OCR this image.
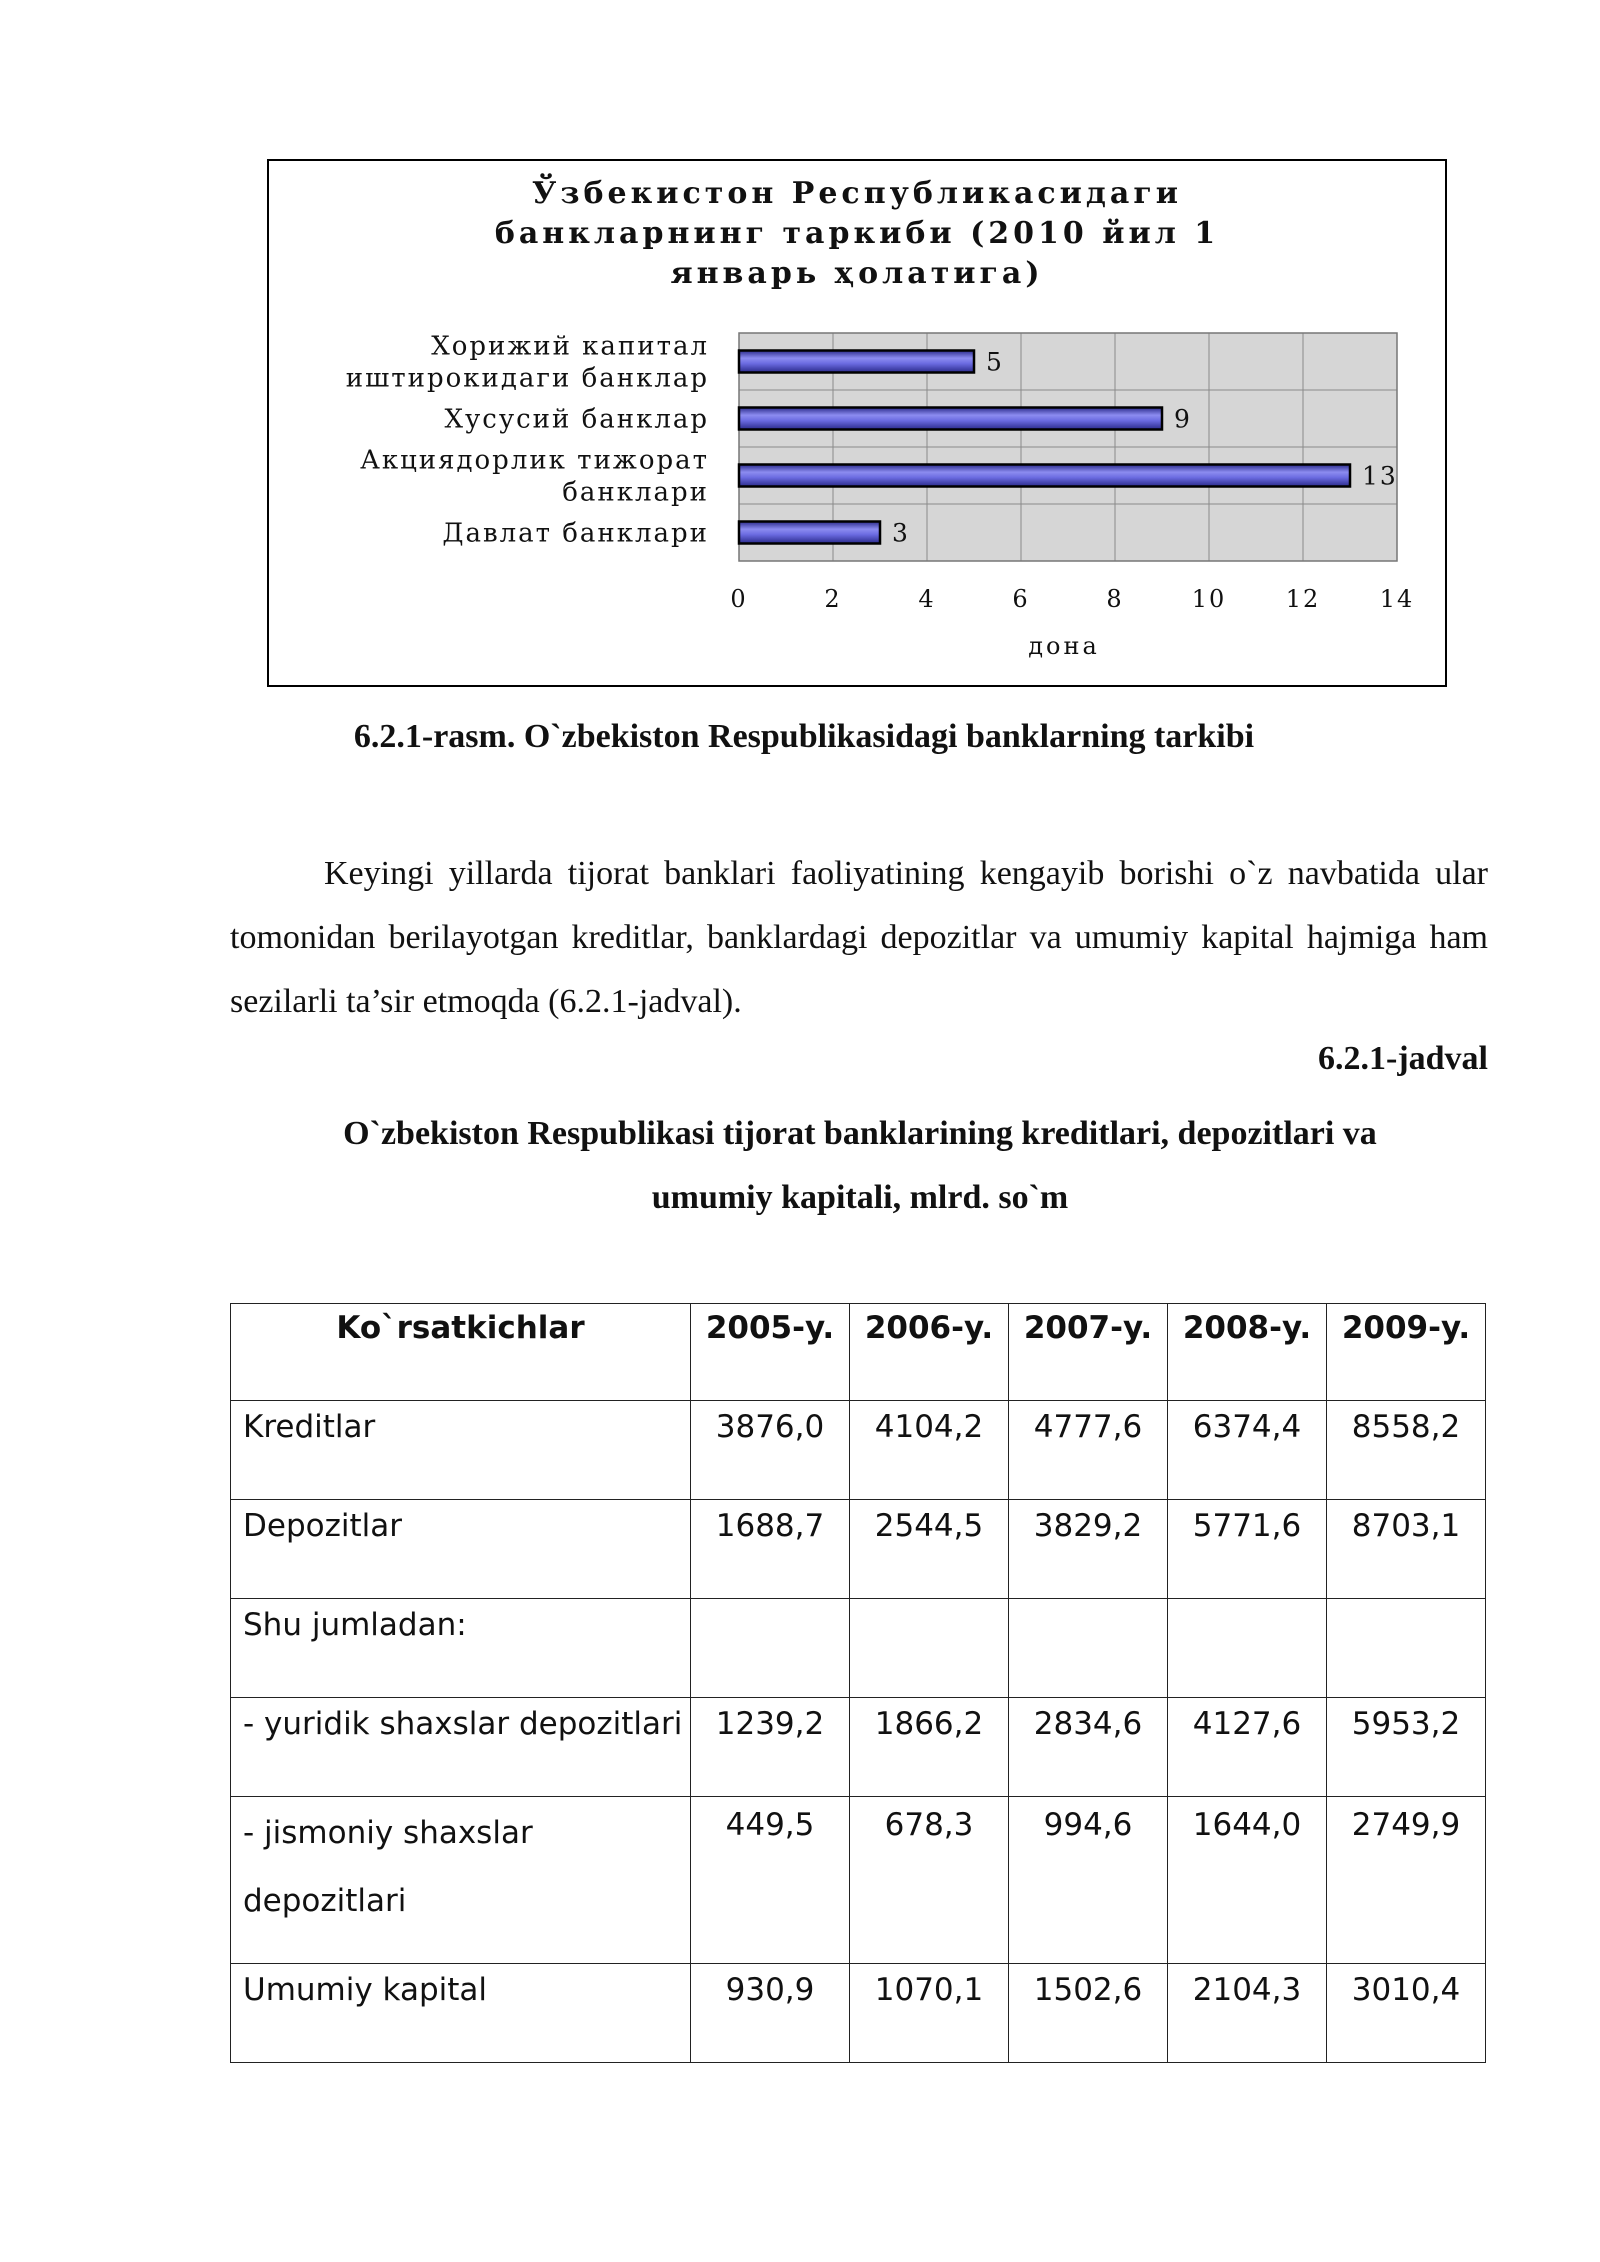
Ўзбекистон Республикасидаги
банкларнинг таркиби (2010 йил 1
январь ҳолатига)
5
9
13
3
Хорижий капитал
иштирокидаги банклар
Хусусий банклар
Акциядорлик тижорат
банклари
Давлат банклари
0	2	4	6	8	10 12 14
дона
6.2.1-rasm. O`zbekiston Respublikasidagi banklarning tarkibi

Keyingi yillarda tijorat banklari faoliyatining kengayib borishi o`z navbatida ular tomonidan berilayotgan kreditlar, banklardagi depozitlar va umumiy kapital hajmiga ham sezilarli ta’sir etmoqda (6.2.1-jadval).

6.2.1-jadval

O`zbekiston Respublikasi tijorat banklarining kreditlari, depozitlari va
umumiy kapitali, mlrd. so`m

Ko`rsatkichlar	2005-y.	2006-y.	2007-y.	2008-y.	2009-y.
Kreditlar	3876,0	4104,2	4777,6	6374,4	8558,2
Depozitlar	1688,7	2544,5	3829,2	5771,6	8703,1
Shu jumladan:					
- yuridik shaxslar depozitlari	1239,2	1866,2	2834,6	4127,6	5953,2
- jismoniy shaxslar
depozitlari	449,5	678,3	994,6	1644,0	2749,9
Umumiy kapital	930,9	1070,1	1502,6	2104,3	3010,4
